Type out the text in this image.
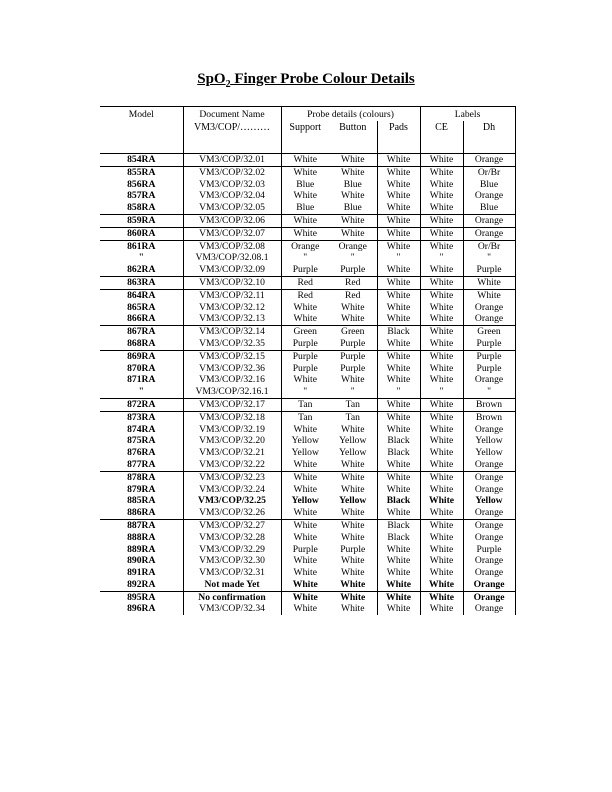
SpO$_2$ Finger Probe Colour Details
Model	Document Name	Probe details (colours)			Labels	
	VM3/COP/………	Support	Button	Pads	CE	Dh

854RA	VM3/COP/32.01	White	White	White	White	Orange
855RA	VM3/COP/32.02	White	White	White	White	Or/Br
856RA	VM3/COP/32.03	Blue	Blue	White	White	Blue
857RA	VM3/COP/32.04	White	White	White	White	Orange
858RA	VM3/COP/32.05	Blue	Blue	White	White	Blue
859RA	VM3/COP/32.06	White	White	White	White	Orange
860RA	VM3/COP/32.07	White	White	White	White	Orange
861RA	VM3/COP/32.08	Orange	Orange	White	White	Or/Br
"	VM3/COP/32.08.1	"	"	"	"	"
862RA	VM3/COP/32.09	Purple	Purple	White	White	Purple
863RA	VM3/COP/32.10	Red	Red	White	White	White
864RA	VM3/COP/32.11	Red	Red	White	White	White
865RA	VM3/COP/32.12	White	White	White	White	Orange
866RA	VM3/COP/32.13	White	White	White	White	Orange
867RA	VM3/COP/32.14	Green	Green	Black	White	Green
868RA	VM3/COP/32.35	Purple	Purple	White	White	Purple
869RA	VM3/COP/32.15	Purple	Purple	White	White	Purple
870RA	VM3/COP/32.36	Purple	Purple	White	White	Purple
871RA	VM3/COP/32.16	White	White	White	White	Orange
"	VM3/COP/32.16.1	"	"	"	"	"
872RA	VM3/COP/32.17	Tan	Tan	White	White	Brown
873RA	VM3/COP/32.18	Tan	Tan	White	White	Brown
874RA	VM3/COP/32.19	White	White	White	White	Orange
875RA	VM3/COP/32.20	Yellow	Yellow	Black	White	Yellow
876RA	VM3/COP/32.21	Yellow	Yellow	Black	White	Yellow
877RA	VM3/COP/32.22	White	White	White	White	Orange
878RA	VM3/COP/32.23	White	White	White	White	Orange
879RA	VM3/COP/32.24	White	White	White	White	Orange
885RA	VM3/COP/32.25	Yellow	Yellow	Black	White	Yellow
886RA	VM3/COP/32.26	White	White	White	White	Orange
887RA	VM3/COP/32.27	White	White	Black	White	Orange
888RA	VM3/COP/32.28	White	White	Black	White	Orange
889RA	VM3/COP/32.29	Purple	Purple	White	White	Purple
890RA	VM3/COP/32.30	White	White	White	White	Orange
891RA	VM3/COP/32.31	White	White	White	White	Orange
892RA	Not made Yet	White	White	White	White	Orange
895RA	No confirmation	White	White	White	White	Orange
896RA	VM3/COP/32.34	White	White	White	White	Orange
